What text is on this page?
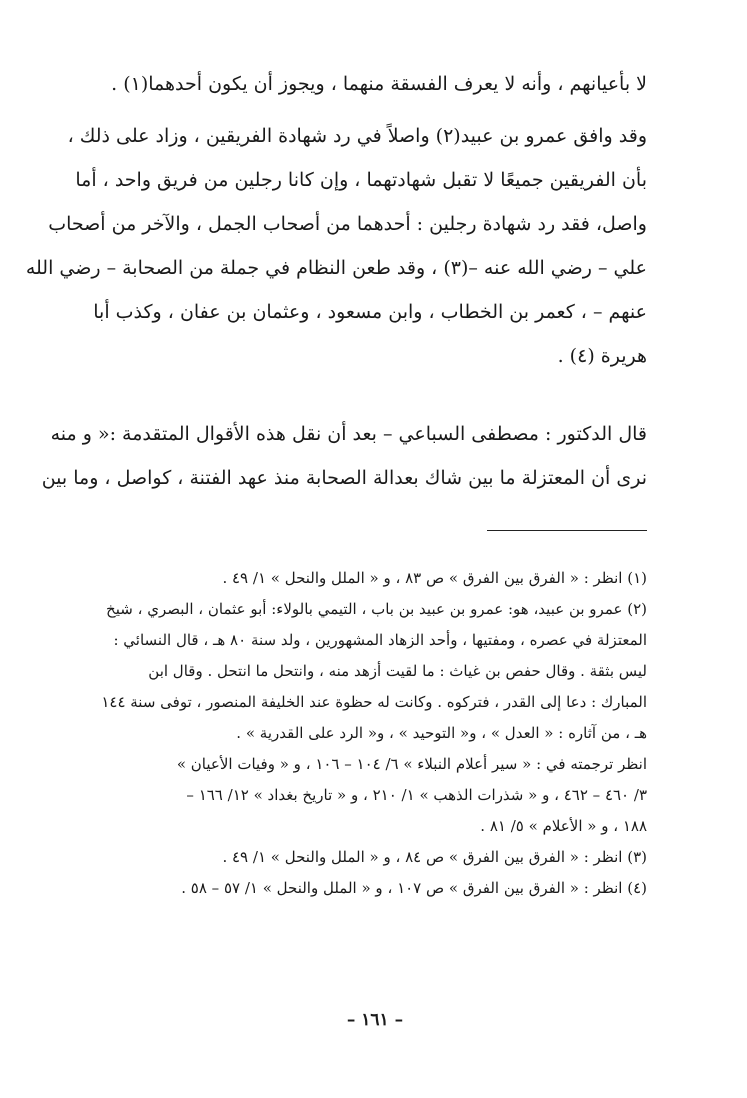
لا بأعيانهم ، وأنه لا يعرف الفسقة منهما ، ويجوز أن يكون أحدهما(١) .
وقد وافق عمرو بن عبيد(٢) واصلاً في رد شهادة الفريقين ، وزاد على ذلك ،
بأن الفريقين جميعًا لا تقبل شهادتهما ، وإن كانا رجلين من فريق واحد ، أما
واصل، فقد رد شهادة رجلين : أحدهما من أصحاب الجمل ، والآخر من أصحاب
علي – رضي الله عنه –(٣) ، وقد طعن النظام في جملة من الصحابة – رضي الله
عنهم – ، كعمر بن الخطاب ، وابن مسعود ، وعثمان بن عفان ، وكذب أبا
هريرة (٤) .
قال الدكتور : مصطفى السباعي – بعد أن نقل هذه الأقوال المتقدمة :« و منه
نرى أن المعتزلة ما بين شاك بعدالة الصحابة منذ عهد الفتنة ، كواصل ، وما بين
(١) انظر : « الفرق بين الفرق » ص ٨٣ ، و « الملل والنحل » ١/ ٤٩ .
(٢) عمرو بن عبيد، هو: عمرو بن عبيد بن باب ، التيمي بالولاء: أبو عثمان ، البصري ، شيخ
المعتزلة في عصره ، ومفتيها ، وأحد الزهاد المشهورين ، ولد سنة ٨٠ هـ ، قال النسائي :
ليس بثقة . وقال حفص بن غياث : ما لقيت أزهد منه ، وانتحل ما انتحل . وقال ابن
المبارك : دعا إلى القدر ، فتركوه . وكانت له حظوة عند الخليفة المنصور ، توفى سنة ١٤٤
هـ ، من آثاره : « العدل » ، و« التوحيد » ، و« الرد على القدرية » .
انظر ترجمته في : « سير أعلام النبلاء » ٦/ ١٠٤ – ١٠٦ ، و « وفيات الأعيان »
٣/ ٤٦٠ – ٤٦٢ ، و « شذرات الذهب » ١/ ٢١٠ ، و « تاريخ بغداد » ١٢/ ١٦٦ –
١٨٨ ، و « الأعلام » ٥/ ٨١ .
(٣) انظر : « الفرق بين الفرق » ص ٨٤ ، و « الملل والنحل » ١/ ٤٩ .
(٤) انظر : « الفرق بين الفرق » ص ١٠٧ ، و « الملل والنحل » ١/ ٥٧ – ٥٨ .
– ١٦١ –
